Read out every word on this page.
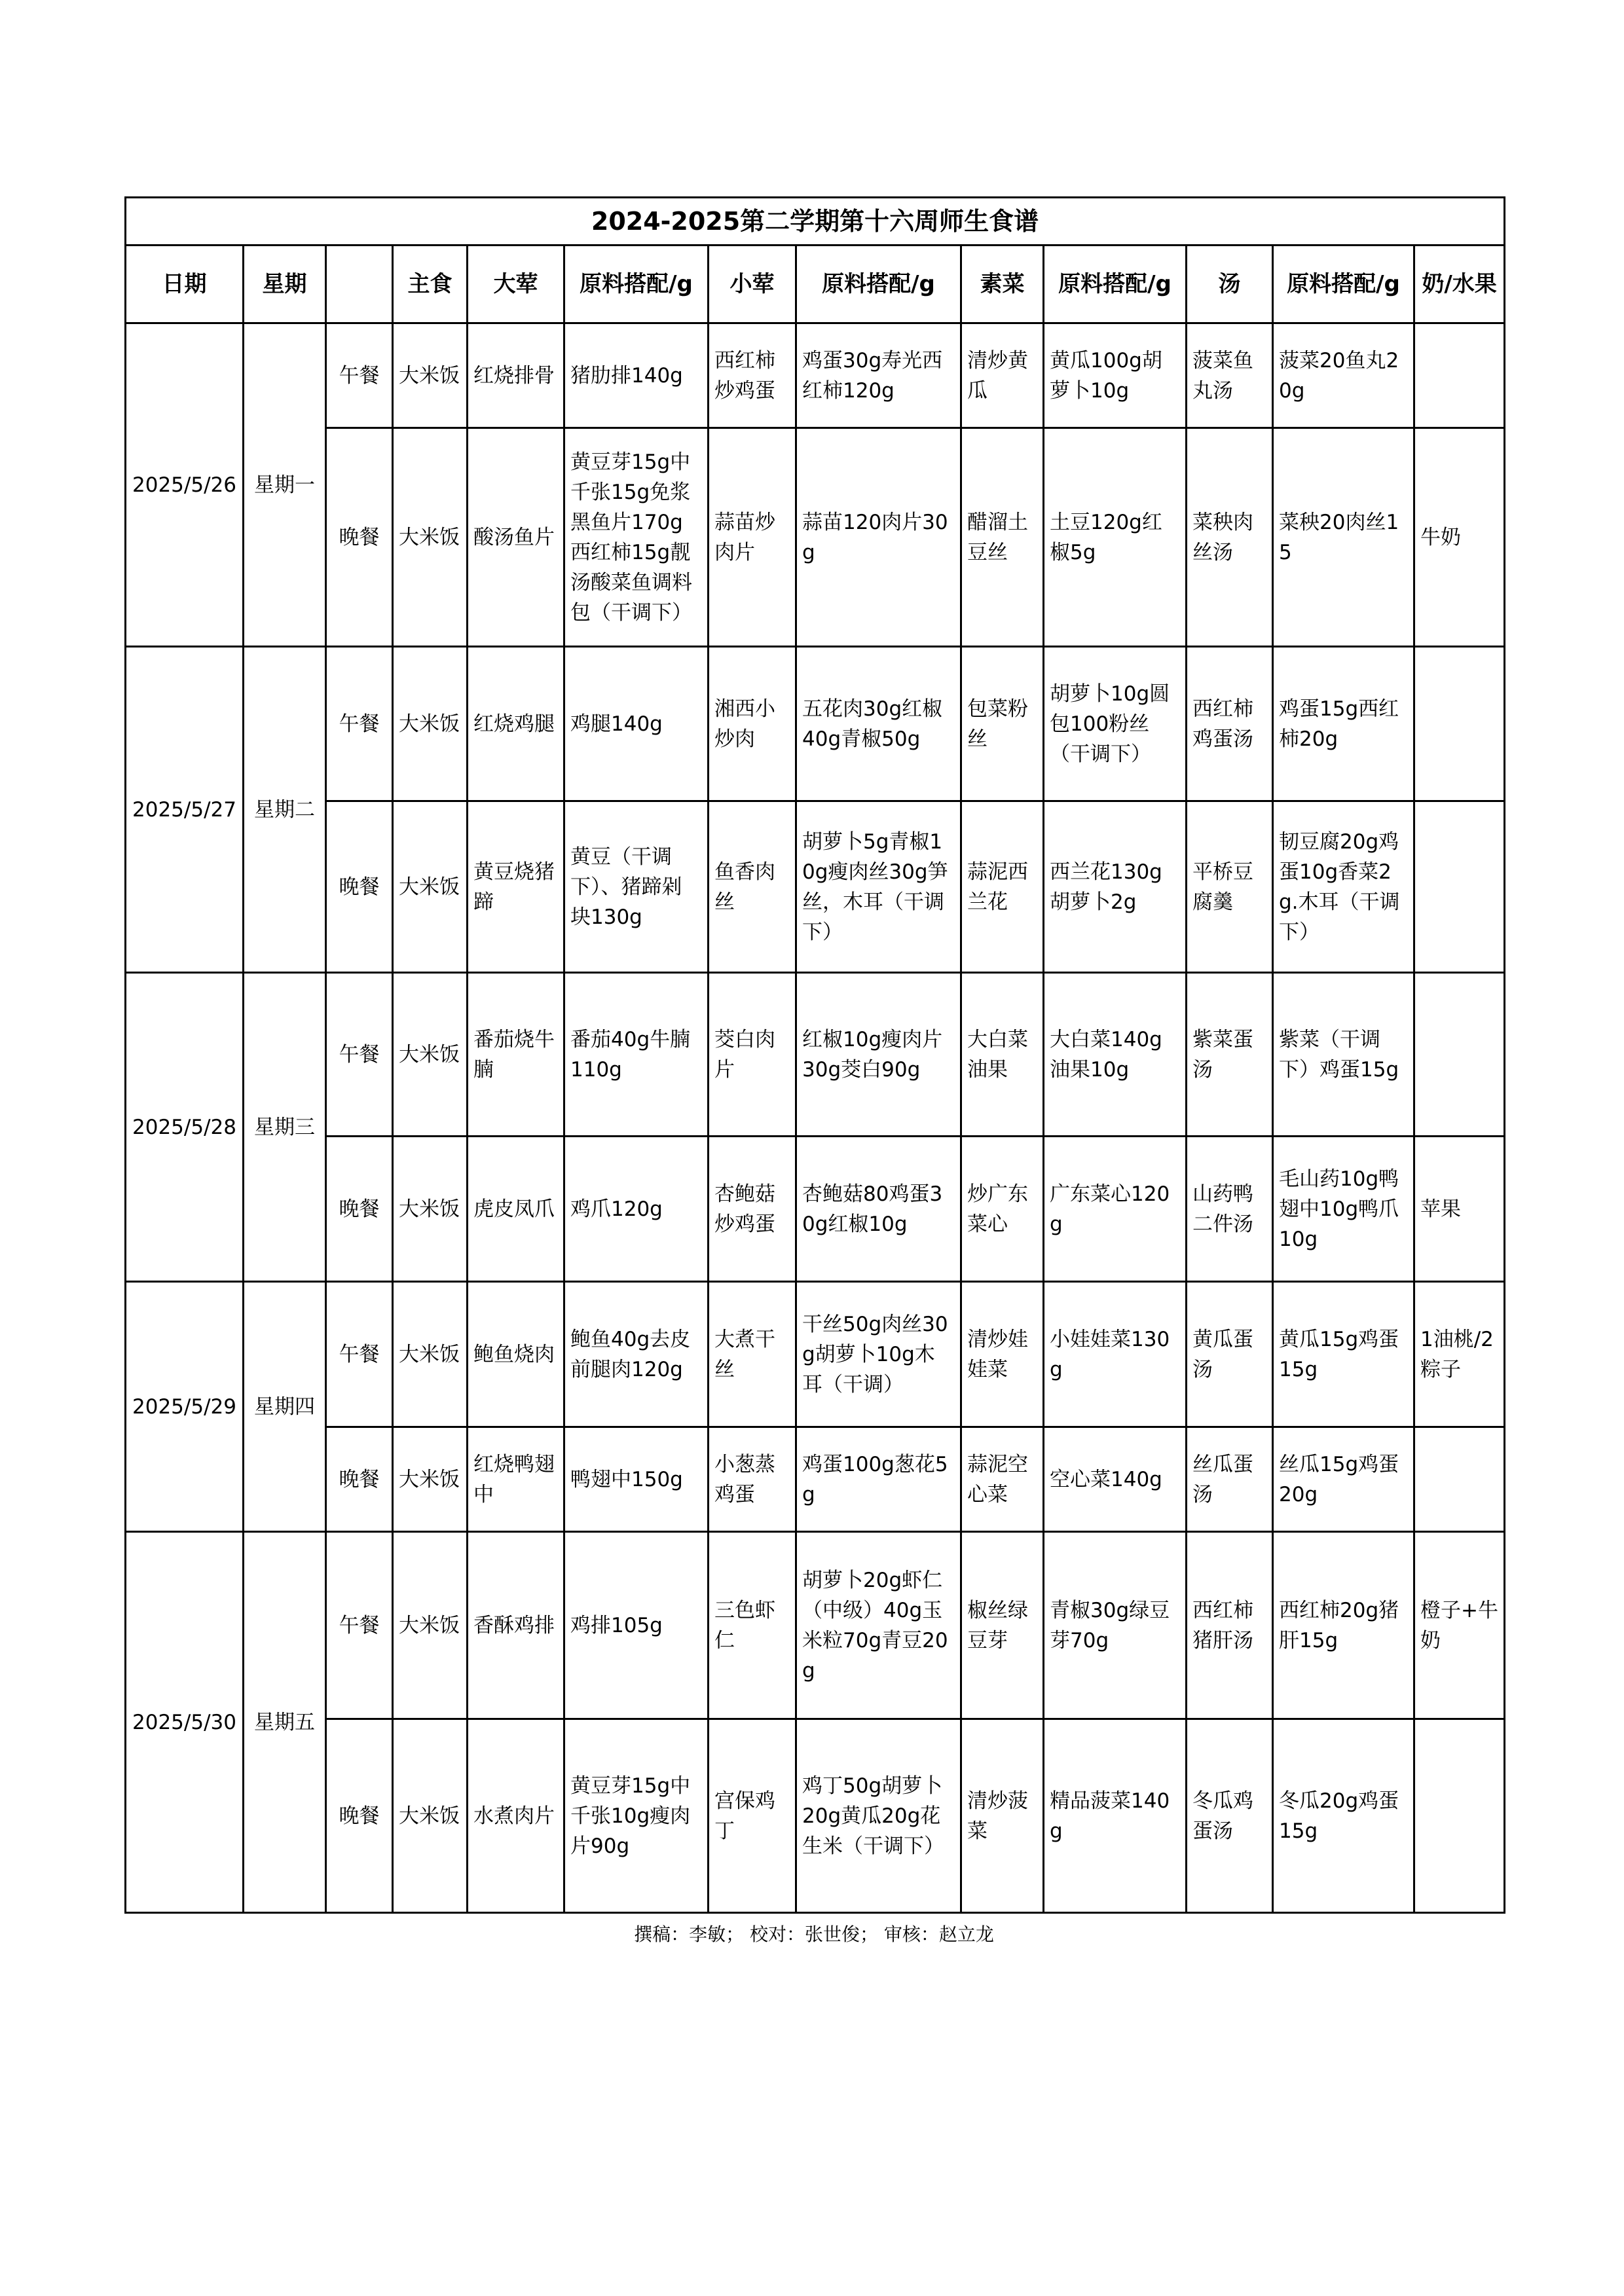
2024-2025第二学期第十六周师生食谱												
日期	星期		主食	大荤	原料搭配/g	小荤	原料搭配/g	素菜	原料搭配/g	汤	原料搭配/g	奶/水果
2025/5/26	星期一	午餐	大米饭	红烧排骨	猪肋排140g	西红柿炒鸡蛋	鸡蛋30g寿光西红柿120g	清炒黄瓜	黄瓜100g胡萝卜10g	菠菜鱼丸汤	菠菜20鱼丸20g	
		晚餐	大米饭	酸汤鱼片	黄豆芽15g中千张15g免浆黑鱼片170g西红柿15g靓汤酸菜鱼调料包（干调下）	蒜苗炒肉片	蒜苗120肉片30g	醋溜土豆丝	土豆120g红椒5g	菜秧肉丝汤	菜秧20肉丝15	牛奶
2025/5/27	星期二	午餐	大米饭	红烧鸡腿	鸡腿140g	湘西小炒肉	五花肉30g红椒40g青椒50g	包菜粉丝	胡萝卜10g圆包100粉丝（干调下）	西红柿鸡蛋汤	鸡蛋15g西红柿20g	
		晚餐	大米饭	黄豆烧猪蹄	黄豆（干调下）、猪蹄剁块130g	鱼香肉丝	胡萝卜5g青椒10g瘦肉丝30g笋丝，木耳（干调下）	蒜泥西兰花	西兰花130g胡萝卜2g	平桥豆腐羹	韧豆腐20g鸡蛋10g香菜2g.木耳（干调下）	
2025/5/28	星期三	午餐	大米饭	番茄烧牛腩	番茄40g牛腩110g	茭白肉片	红椒10g瘦肉片30g茭白90g	大白菜油果	大白菜140g油果10g	紫菜蛋汤	紫菜（干调下）鸡蛋15g	
		晚餐	大米饭	虎皮凤爪	鸡爪120g	杏鲍菇炒鸡蛋	杏鲍菇80鸡蛋30g红椒10g	炒广东菜心	广东菜心120g	山药鸭二件汤	毛山药10g鸭翅中10g鸭爪10g	苹果
2025/5/29	星期四	午餐	大米饭	鲍鱼烧肉	鲍鱼40g去皮前腿肉120g	大煮干丝	干丝50g肉丝30g胡萝卜10g木耳（干调）	清炒娃娃菜	小娃娃菜130g	黄瓜蛋汤	黄瓜15g鸡蛋15g	1油桃/2粽子
		晚餐	大米饭	红烧鸭翅中	鸭翅中150g	小葱蒸鸡蛋	鸡蛋100g葱花5g	蒜泥空心菜	空心菜140g	丝瓜蛋汤	丝瓜15g鸡蛋20g	
2025/5/30	星期五	午餐	大米饭	香酥鸡排	鸡排105g	三色虾仁	胡萝卜20g虾仁（中级）40g玉米粒70g青豆20g	椒丝绿豆芽	青椒30g绿豆芽70g	西红柿猪肝汤	西红柿20g猪肝15g	橙子+牛奶
		晚餐	大米饭	水煮肉片	黄豆芽15g中千张10g瘦肉片90g	宫保鸡丁	鸡丁50g胡萝卜20g黄瓜20g花生米（干调下）	清炒菠菜	精品菠菜140g	冬瓜鸡蛋汤	冬瓜20g鸡蛋15g	
撰稿：李敏； 校对：张世俊； 审核：赵立龙
